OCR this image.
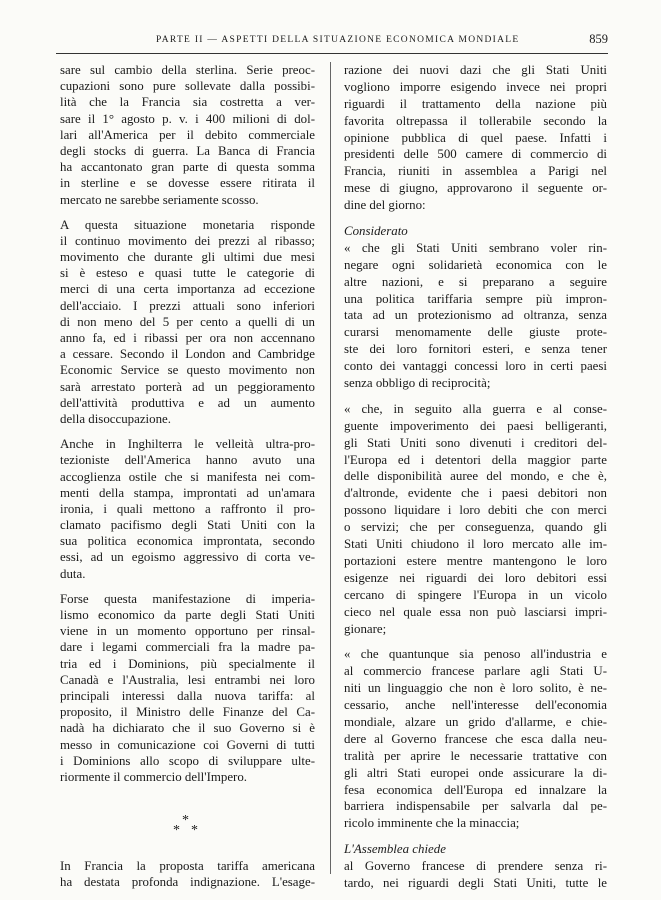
PARTE II — ASPETTI DELLA SITUAZIONE ECONOMICA MONDIALE	859
sare sul cambio della sterlina. Serie preoc-
cupazioni sono pure sollevate dalla possibi-
lità che la Francia sia costretta a ver-
sare il 1° agosto p. v. i 400 milioni di dol-
lari all'America per il debito commerciale
degli stocks di guerra. La Banca di Francia
ha accantonato gran parte di questa somma
in sterline e se dovesse essere ritirata il
mercato ne sarebbe seriamente scosso.
A questa situazione monetaria risponde
il continuo movimento dei prezzi al ribasso;
movimento che durante gli ultimi due mesi
si è esteso e quasi tutte le categorie di
merci di una certa importanza ad eccezione
dell'acciaio. I prezzi attuali sono inferiori
di non meno del 5 per cento a quelli di un
anno fa, ed i ribassi per ora non accennano
a cessare. Secondo il London and Cambridge
Economic Service se questo movimento non
sarà arrestato porterà ad un peggioramento
dell'attività produttiva e ad un aumento
della disoccupazione.
Anche in Inghilterra le velleità ultra-pro-
tezioniste dell'America hanno avuto una
accoglienza ostile che si manifesta nei com-
menti della stampa, improntati ad un'amara
ironia, i quali mettono a raffronto il pro-
clamato pacifismo degli Stati Uniti con la
sua politica economica improntata, secondo
essi, ad un egoismo aggressivo di corta ve-
duta.
Forse questa manifestazione di imperia-
lismo economico da parte degli Stati Uniti
viene in un momento opportuno per rinsal-
dare i legami commerciali fra la madre pa-
tria ed i Dominions, più specialmente il
Canadà e l'Australia, lesi entrambi nei loro
principali interessi dalla nuova tariffa: al
proposito, il Ministro delle Finanze del Ca-
nadà ha dichiarato che il suo Governo si è
messo in comunicazione coi Governi di tutti
i Dominions allo scopo di sviluppare ulte-
riormente il commercio dell'Impero.
*
* *
In Francia la proposta tariffa americana
ha destata profonda indignazione. L'esage-
razione dei nuovi dazi che gli Stati Uniti
vogliono imporre esigendo invece nei propri
riguardi il trattamento della nazione più
favorita oltrepassa il tollerabile secondo la
opinione pubblica di quel paese. Infatti i
presidenti delle 500 camere di commercio di
Francia, riuniti in assemblea a Parigi nel
mese di giugno, approvarono il seguente or-
dine del giorno:
Considerato
« che gli Stati Uniti sembrano voler rin-
negare ogni solidarietà economica con le
altre nazioni, e si preparano a seguire
una politica tariffaria sempre più impron-
tata ad un protezionismo ad oltranza, senza
curarsi menomamente delle giuste prote-
ste dei loro fornitori esteri, e senza tener
conto dei vantaggi concessi loro in certi paesi
senza obbligo di reciprocità;
« che, in seguito alla guerra e al conse-
guente impoverimento dei paesi belligeranti,
gli Stati Uniti sono divenuti i creditori del-
l'Europa ed i detentori della maggior parte
delle disponibilità auree del mondo, e che è,
d'altronde, evidente che i paesi debitori non
possono liquidare i loro debiti che con merci
o servizi; che per conseguenza, quando gli
Stati Uniti chiudono il loro mercato alle im-
portazioni estere mentre mantengono le loro
esigenze nei riguardi dei loro debitori essi
cercano di spingere l'Europa in un vicolo
cieco nel quale essa non può lasciarsi impri-
gionare;
« che quantunque sia penoso all'industria e
al commercio francese parlare agli Stati U-
niti un linguaggio che non è loro solito, è ne-
cessario, anche nell'interesse dell'economia
mondiale, alzare un grido d'allarme, e chie-
dere al Governo francese che esca dalla neu-
tralità per aprire le necessarie trattative con
gli altri Stati europei onde assicurare la di-
fesa economica dell'Europa ed innalzare la
barriera indispensabile per salvarla dal pe-
ricolo imminente che la minaccia;
L'Assemblea chiede
al Governo francese di prendere senza ri-
tardo, nei riguardi degli Stati Uniti, tutte le
